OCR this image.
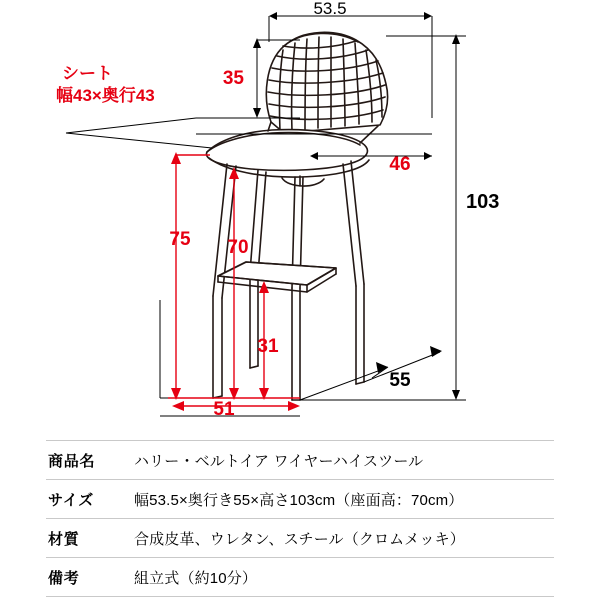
53.5
35
46
103
75 70
31
51
55
シート
幅43×奥行43
商品名	ハリー・ベルトイア ワイヤーハイスツール
サイズ	幅53.5×奥行き55×高さ103cm（座面高：70cm）
材質	合成皮革、ウレタン、スチール（クロムメッキ）
備考	組立式（約10分）
